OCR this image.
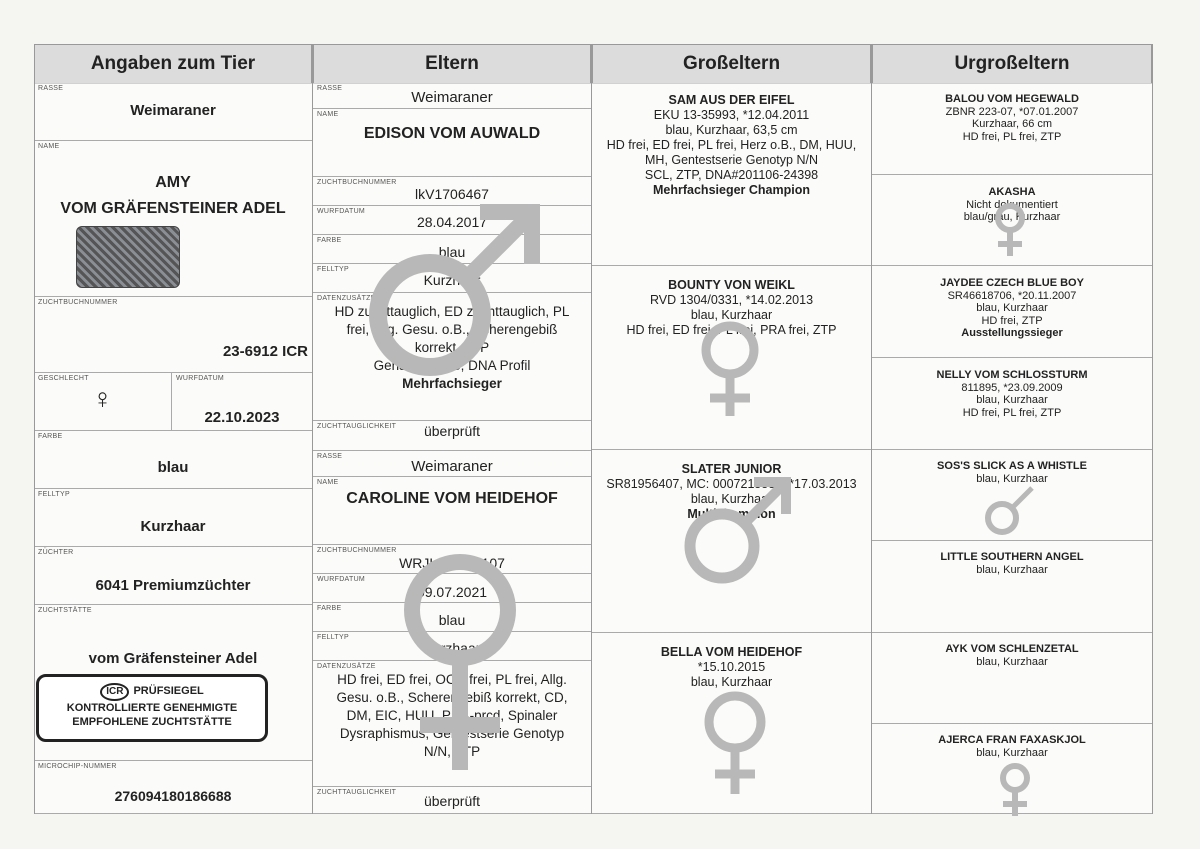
Angaben zum Tier
RASSE
Weimaraner
NAME
AMY
VOM GRÄFENSTEINER ADEL
ZUCHTBUCHNUMMER
23-6912 ICR
GESCHLECHT
♀
WURFDATUM
22.10.2023
FARBE
blau
FELLTYP
Kurzhaar
ZÜCHTER
6041 Premiumzüchter
ZUCHTSTÄTTE
vom Gräfensteiner Adel
MICROCHIP-NUMMER
276094180186688
ICR PRÜFSIEGEL
KONTROLLIERTE GENEHMIGTE
EMPFOHLENE ZUCHTSTÄTTE
Eltern
RASSE
Weimaraner
NAME
EDISON VOM AUWALD
ZUCHTBUCHNUMMER
lkV1706467
WURFDATUM
28.04.2017
FARBE
blau
FELLTYP
Kurzhaar
DATENZUSÄTZE
HD zuchttauglich, ED zuchttauglich, PL
frei, Allg. Gesu. o.B., Scherengebiß
korrekt, ZTP
Genstatus B/B, DNA Profil
Mehrfachsieger
ZUCHTTAUGLICHKEIT	überprüft
RASSE
Weimaraner
NAME
CAROLINE VOM HEIDEHOF
ZUCHTBUCHNUMMER
WRJL2021W107
WURFDATUM
09.07.2021
FARBE
blau
FELLTYP
Kurzhaar
DATENZUSÄTZE
HD frei, ED frei, OCD frei, PL frei, Allg.
Gesu. o.B., Scherengebiß korrekt, CD,
DM, EIC, HUU, PRA-prcd, Spinaler
Dysraphismus, Gentestserie Genotyp
N/N, ZTP
ZUCHTTAUGLICHKEIT
überprüft
Großeltern
SAM AUS DER EIFEL
EKU 13-35993, *12.04.2011
blau, Kurzhaar, 63,5 cm
HD frei, ED frei, PL frei, Herz o.B., DM, HUU,
MH, Gentestserie Genotyp N/N
SCL, ZTP, DNA#201106-24398
Mehrfachsieger Champion
BOUNTY VON WEIKL
RVD 1304/0331, *14.02.2013
blau, Kurzhaar
HD frei, ED frei, PL frei, PRA frei, ZTP
SLATER JUNIOR
SR81956407, MC: 0007215555, *17.03.2013
blau, Kurzhaar
Multichampion
BELLA VOM HEIDEHOF
*15.10.2015
blau, Kurzhaar
Urgroßeltern
BALOU VOM HEGEWALD
ZBNR 223-07, *07.01.2007
Kurzhaar, 66 cm
HD frei, PL frei, ZTP
AKASHA
Nicht dokumentiert
blau/grau, Kurzhaar
JAYDEE CZECH BLUE BOY
SR46618706, *20.11.2007
blau, Kurzhaar
HD frei, ZTP
Ausstellungssieger
NELLY VOM SCHLOSSTURM
811895, *23.09.2009
blau, Kurzhaar
HD frei, PL frei, ZTP
SOS'S SLICK AS A WHISTLE
blau, Kurzhaar
LITTLE SOUTHERN ANGEL
blau, Kurzhaar
AYK VOM SCHLENZETAL
blau, Kurzhaar
AJERCA FRAN FAXASKJOL
blau, Kurzhaar
